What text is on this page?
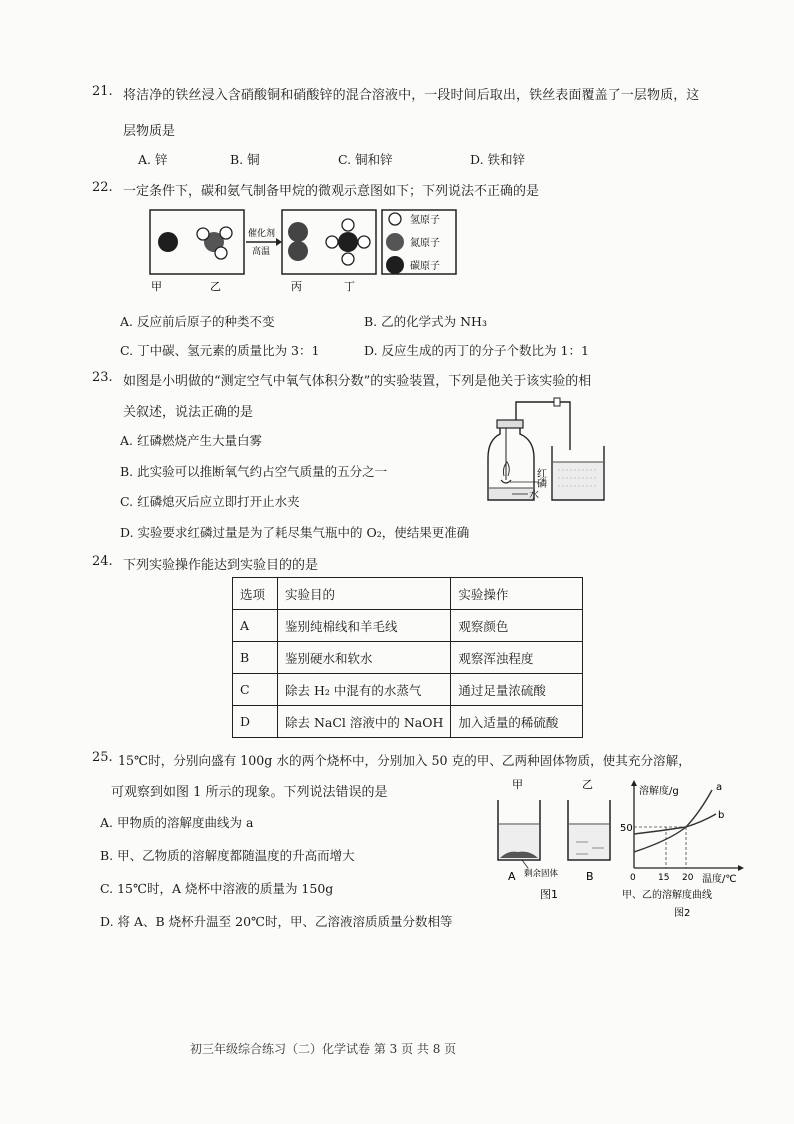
21. 将洁净的铁丝浸入含硝酸铜和硝酸锌的混合溶液中，一段时间后取出，铁丝表面覆盖了一层物质，这
层物质是
A. 锌	B. 铜	C. 铜和锌	D. 铁和锌
22. 一定条件下，碳和氨气制备甲烷的微观示意图如下；下列说法不正确的是
催化剂
高温
氢原子
氮原子
碳原子
甲	乙	丙	丁
A. 反应前后原子的种类不变	B. 乙的化学式为 NH₃
C. 丁中碳、氢元素的质量比为 3：1	D. 反应生成的丙丁的分子个数比为 1：1
23. 如图是小明做的“测定空气中氧气体积分数”的实验装置，下列是他关于该实验的相
关叙述，说法正确的是
A. 红磷燃烧产生大量白雾
B. 此实验可以推断氧气约占空气质量的五分之一
C. 红磷熄灭后应立即打开止水夹
D. 实验要求红磷过量是为了耗尽集气瓶中的 O₂，使结果更准确
红磷
水
24. 下列实验操作能达到实验目的的是
选项	实验目的	实验操作
A	鉴别纯棉线和羊毛线	观察颜色
B	鉴别硬水和软水	观察浑浊程度
C	除去 H₂ 中混有的水蒸气	通过足量浓硫酸
D	除去 NaCl 溶液中的 NaOH	加入适量的稀硫酸
25. 15℃时，分别向盛有 100g 水的两个烧杯中，分别加入 50 克的甲、乙两种固体物质，使其充分溶解，
可观察到如图 1 所示的现象。下列说法错误的是
A. 甲物质的溶解度曲线为 a
B. 甲、乙物质的溶解度都随温度的升高而增大
C. 15℃时，A 烧杯中溶液的质量为 150g
D. 将 A、B 烧杯升温至 20℃时，甲、乙溶液溶质质量分数相等
甲	乙
A	B
剩余固体
图1
溶解度/g
温度/℃
50
a
b
0 15 20
甲、乙的溶解度曲线
图2
初三年级综合练习（二）化学试卷 第 3 页 共 8 页
